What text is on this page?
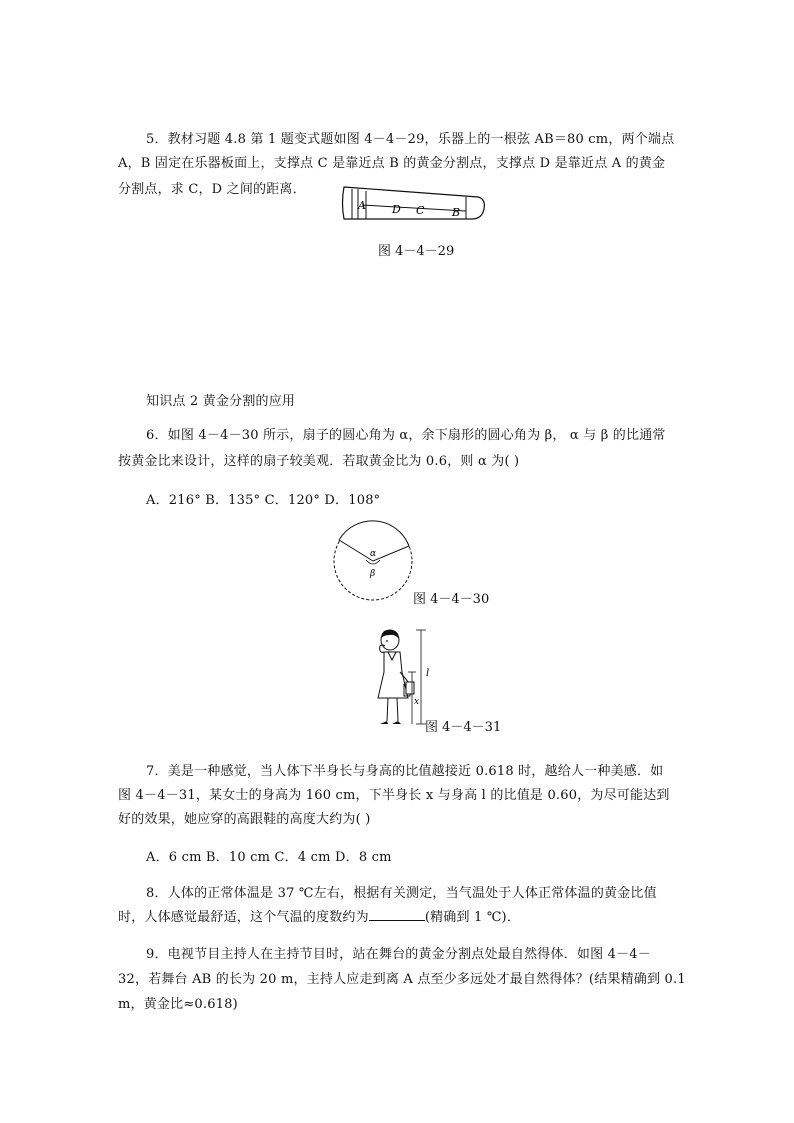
5．教材习题 4.8 第 1 题变式题如图 4－4－29，乐器上的一根弦 AB＝80 cm，两个端点
A，B 固定在乐器板面上，支撑点 C 是靠近点 B 的黄金分割点，支撑点 D 是靠近点 A 的黄金
分割点，求 C，D 之间的距离．
A D C	B
图 4－4－29
知识点 2 黄金分割的应用
6．如图 4－4－30 所示，扇子的圆心角为 α，余下扇形的圆心角为 β， α 与 β 的比通常
按黄金比来设计，这样的扇子较美观．若取黄金比为 0.6，则 α 为( )
A．216° B．135° C．120° D．108°
α
β
图 4－4－30
l
x
图 4－4－31
7．美是一种感觉，当人体下半身长与身高的比值越接近 0.618 时，越给人一种美感．如
图 4－4－31，某女士的身高为 160 cm，下半身长 x 与身高 l 的比值是 0.60，为尽可能达到
好的效果，她应穿的高跟鞋的高度大约为( )
A．6 cm B．10 cm C．4 cm D．8 cm
8．人体的正常体温是 37 ℃左右，根据有关测定，当气温处于人体正常体温的黄金比值
时，人体感觉最舒适，这个气温的度数约为	(精确到 1 ℃)．
9．电视节目主持人在主持节目时，站在舞台的黄金分割点处最自然得体．如图 4－4－
32，若舞台 AB 的长为 20 m，主持人应走到离 A 点至少多远处才最自然得体？(结果精确到 0.1
m，黄金比≈0.618)
